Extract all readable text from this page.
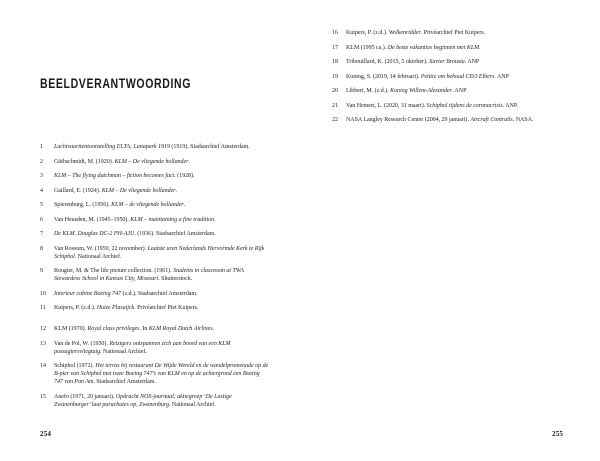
BEELDVERANTWOORDING
1	Luchtvaarttentoonstelling ELTA; Lunapark 1919 (1919). Stadsarchief Amsterdam.
2	Güthschmidt, M. (1920). KLM – De vliegende hollander.
3	KLM – The flying dutchman – fiction becomes fact. (1928).
4	Gaillard, E. (1924). KLM – De vliegende hollander.
5	Spierenburg, L. (1956). KLM – de vliegende hollander.
6	Van Heusden, M. (1945–1950). KLM – maintaining a fine tradition.
7	De KLM. Douglas DC-2 PH-AJU. (1936). Stadsarchief Amsterdam.
8	Van Rossum, W. (1959, 22 november). Laatste uren Nederlands Hervormde Kerk te Rijk Schiphol. Nationaal Archief.
9	Rougier, M. & The life picture collection. (1961). Students in classroom at TWA Stewardess School in Kansas City, Missouri. Shutterstock.
10	Interieur cabine Boeing 747 (z.d.). Stadsarchief Amsterdam.
11	Kuipers, P. (z.d.). Huize Plasuijck. Privéarchief Piet Kuipers.
12	KLM (1970). Royal class privileges. In KLM Royal Dutch Airlines.
13	Van de Pol, W. (1950). Reizigers ontspannen zich aan boord van een KLM passagiersvliegtuig. Nationaal Archief.
14	Schiphol (1972). Het terras bij restaurant De Wijde Wereld en de wandelpromenade op de B-pier van Schiphol met twee Boeing 747’s van KLM en op de achtergrond een Boeing 747 van Pan Am. Stadsarchief Amsterdam.
15	Anefo (1971, 20 januari). Opdracht NOS-journaal; aktiegroep ‘De Lastige Zwanenburger’ laat parachutes op, Zwanenburg. Nationaal Archief.
254
16	Kuipers, P. (z.d.). Wolkenridder. Privéarchief Piet Kuipers.
17	KLM (1995 ca.). De beste vakanties beginnen met KLM.
18	Tribouillard, K. (2015, 5 oktober). Xavier Brousta. ANP
19	Koning, S. (2019, 14 februari). Petitie om behoud CEO Elbers. ANP
20	Libbert, M. (z.d.). Koning Willem-Alexander. ANP
21	Van Hemert, L. (2020, 31 maart). Schiphol tijdens de coronacrisis. ANP.
22	NASA Langley Research Center (2004, 29 januari). Aircraft Contrails. NASA.
255
